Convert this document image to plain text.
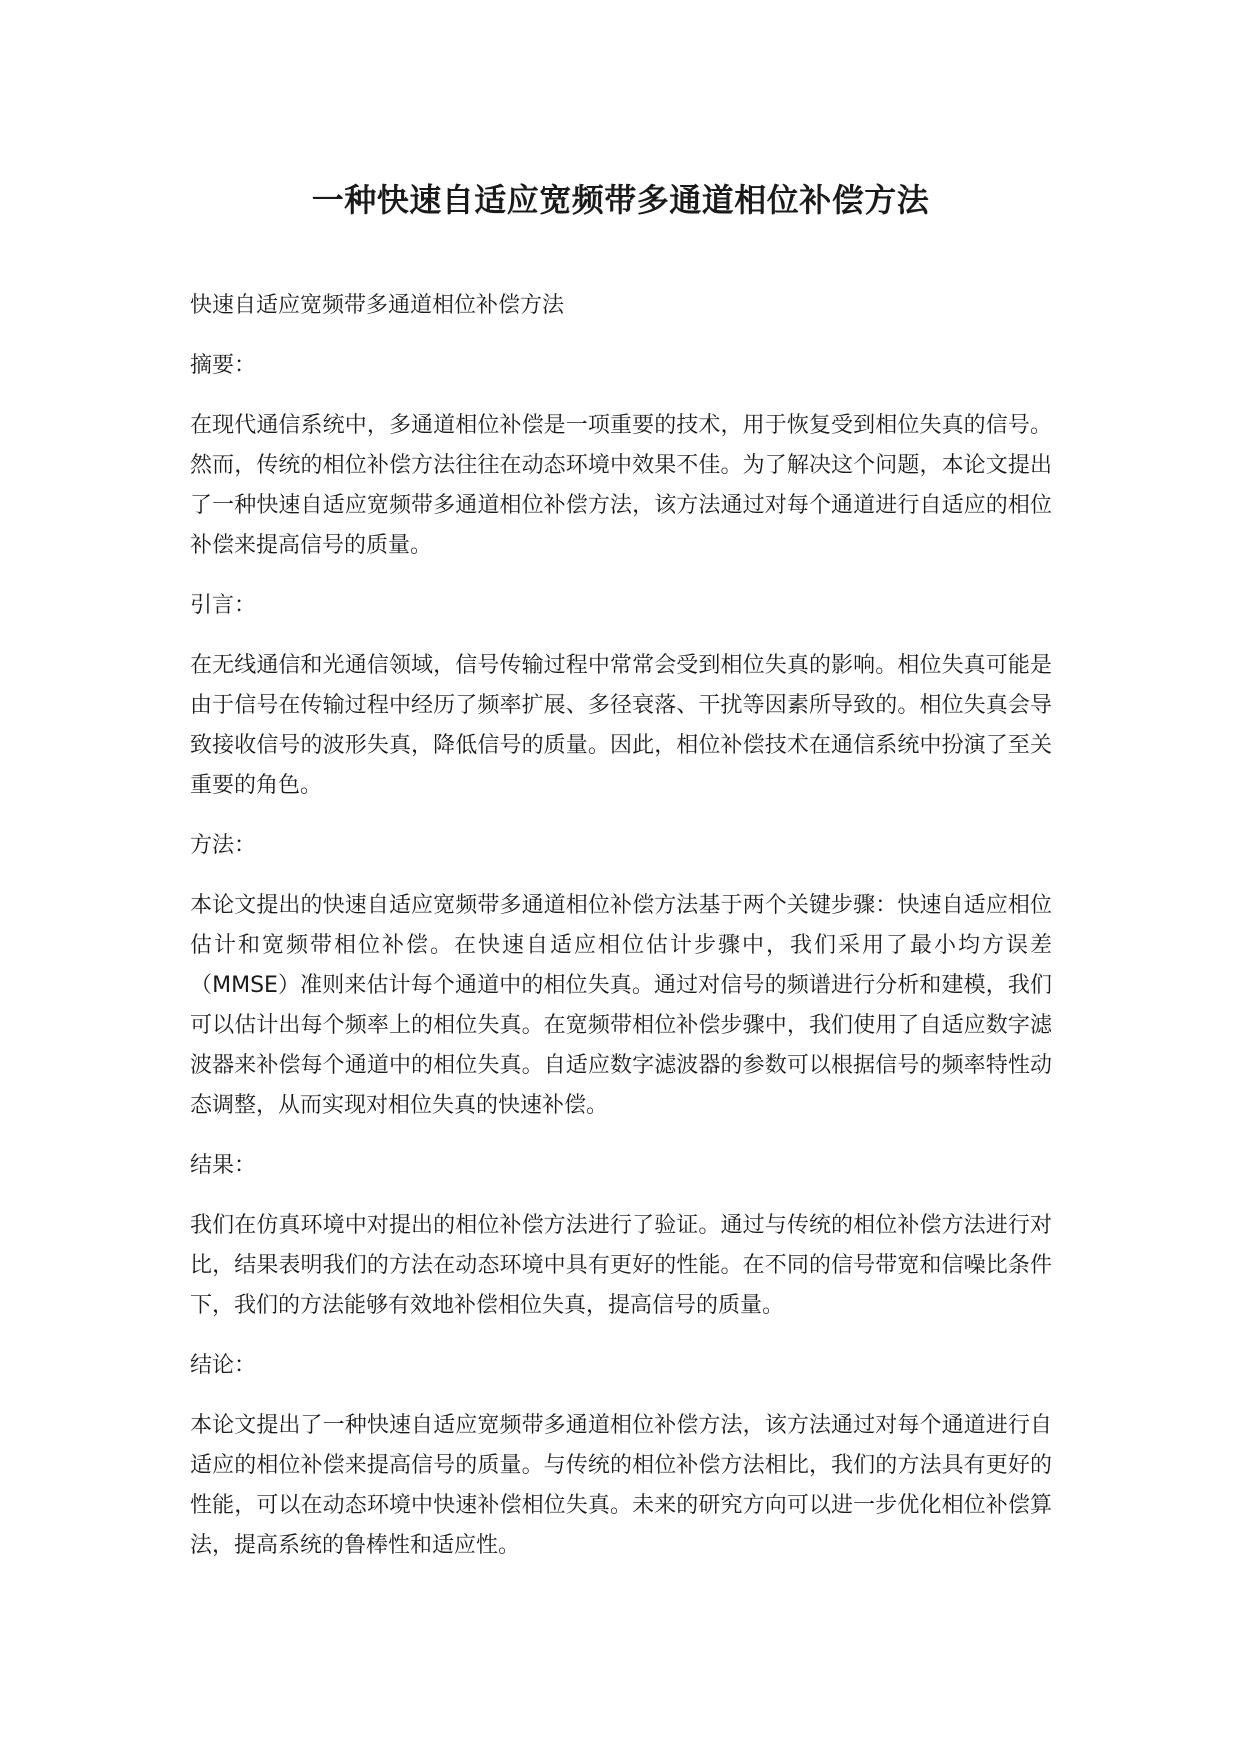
一种快速自适应宽频带多通道相位补偿方法

快速自适应宽频带多通道相位补偿方法

摘要：

在现代通信系统中，多通道相位补偿是一项重要的技术，用于恢复受到相位失真的信号。然而，传统的相位补偿方法往往在动态环境中效果不佳。为了解决这个问题，本论文提出了一种快速自适应宽频带多通道相位补偿方法，该方法通过对每个通道进行自适应的相位补偿来提高信号的质量。

引言：

在无线通信和光通信领域，信号传输过程中常常会受到相位失真的影响。相位失真可能是由于信号在传输过程中经历了频率扩展、多径衰落、干扰等因素所导致的。相位失真会导致接收信号的波形失真，降低信号的质量。因此，相位补偿技术在通信系统中扮演了至关重要的角色。

方法：

本论文提出的快速自适应宽频带多通道相位补偿方法基于两个关键步骤：快速自适应相位估计和宽频带相位补偿。在快速自适应相位估计步骤中，我们采用了最小均方误差（MMSE）准则来估计每个通道中的相位失真。通过对信号的频谱进行分析和建模，我们可以估计出每个频率上的相位失真。在宽频带相位补偿步骤中，我们使用了自适应数字滤波器来补偿每个通道中的相位失真。自适应数字滤波器的参数可以根据信号的频率特性动态调整，从而实现对相位失真的快速补偿。

结果：

我们在仿真环境中对提出的相位补偿方法进行了验证。通过与传统的相位补偿方法进行对比，结果表明我们的方法在动态环境中具有更好的性能。在不同的信号带宽和信噪比条件下，我们的方法能够有效地补偿相位失真，提高信号的质量。

结论：

本论文提出了一种快速自适应宽频带多通道相位补偿方法，该方法通过对每个通道进行自适应的相位补偿来提高信号的质量。与传统的相位补偿方法相比，我们的方法具有更好的性能，可以在动态环境中快速补偿相位失真。未来的研究方向可以进一步优化相位补偿算法，提高系统的鲁棒性和适应性。
